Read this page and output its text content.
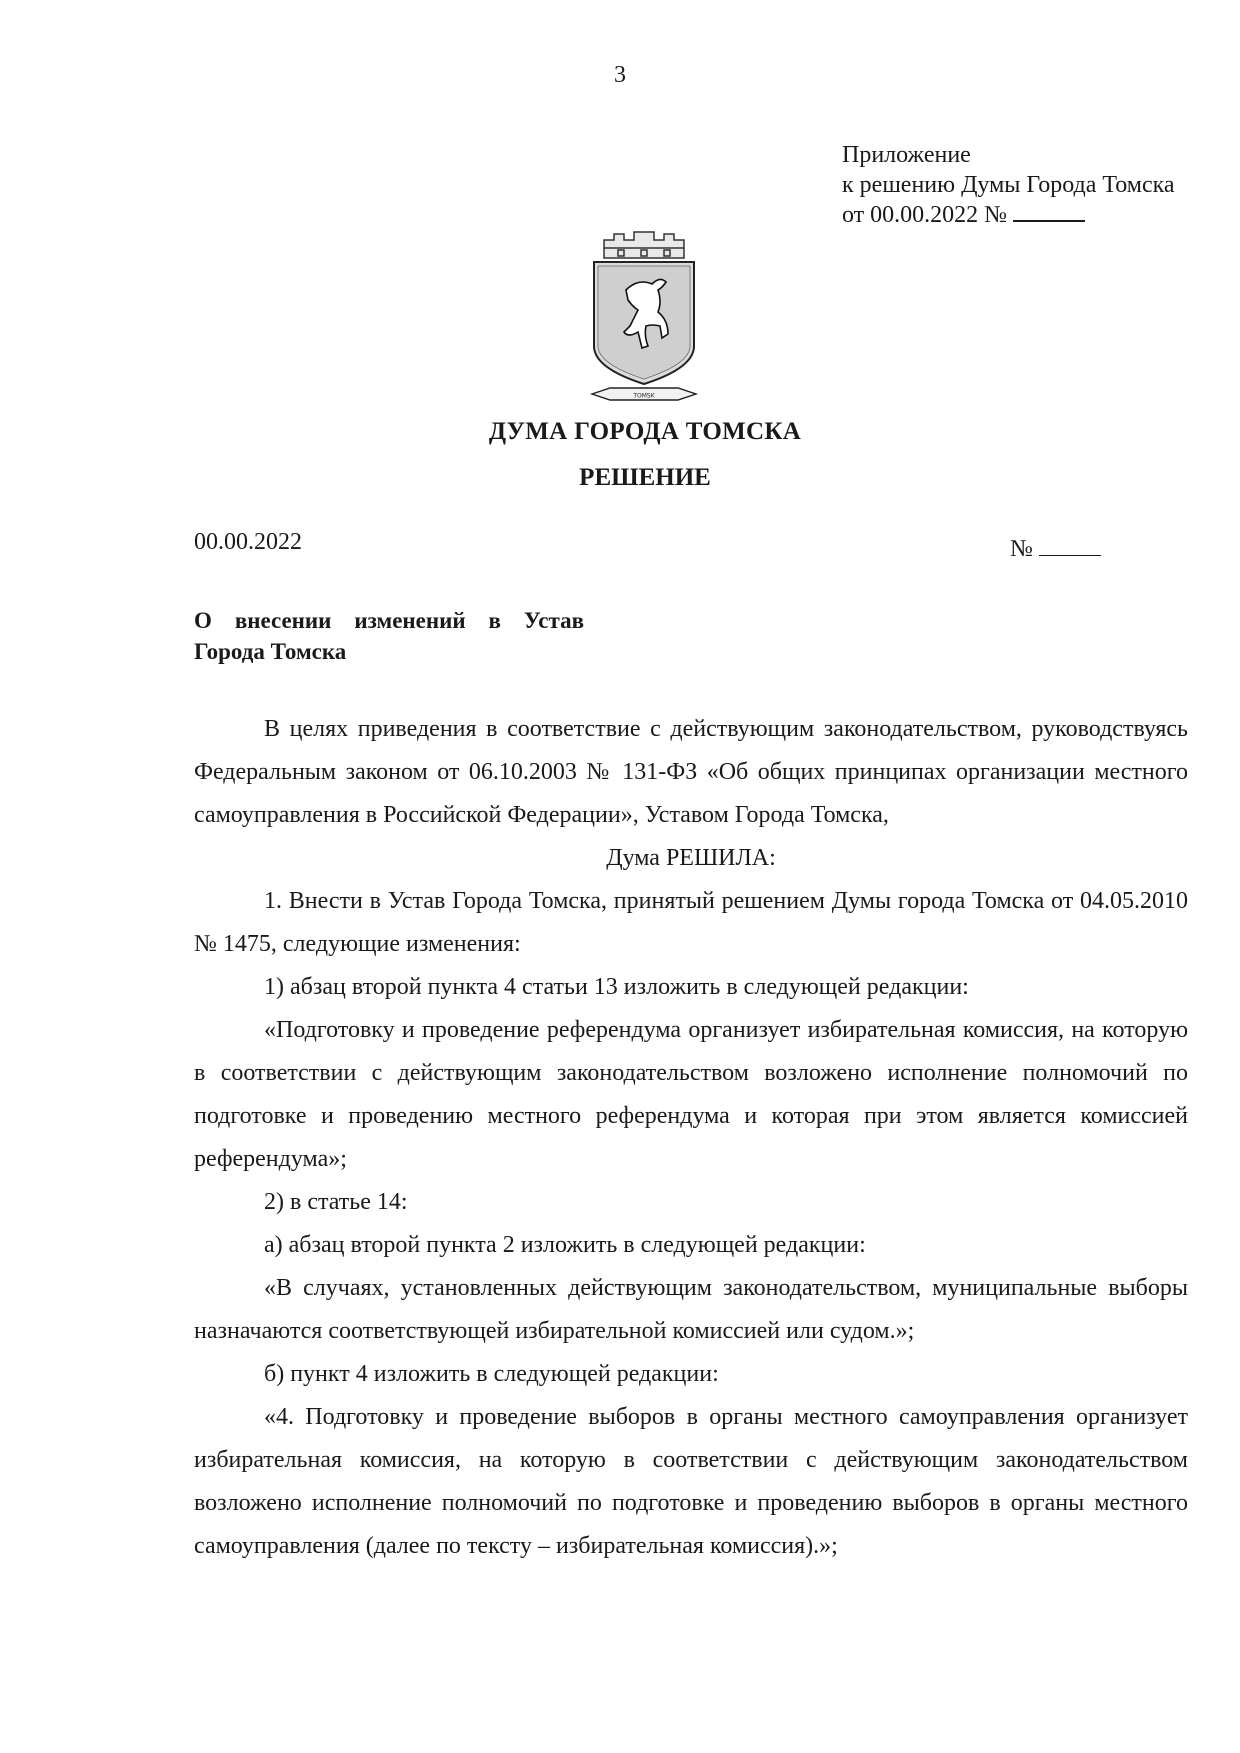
3
Приложение
к решению Думы Города Томска
от 00.00.2022 №
TOMSK
ДУМА ГОРОДА ТОМСКА
РЕШЕНИЕ
00.00.2022	№
О внесении изменений в Устав
Города Томска

В целях приведения в соответствие с действующим законодательством, руководствуясь Федеральным законом от 06.10.2003 № 131-ФЗ «Об общих принципах организации местного самоуправления в Российской Федерации», Уставом Города Томска,

Дума РЕШИЛА:

1. Внести в Устав Города Томска, принятый решением Думы города Томска от 04.05.2010 № 1475, следующие изменения:

1) абзац второй пункта 4 статьи 13 изложить в следующей редакции:

«Подготовку и проведение референдума организует избирательная комиссия, на которую в соответствии с действующим законодательством возложено исполнение полномочий по подготовке и проведению местного референдума и которая при этом является комиссией референдума»;

2) в статье 14:

а) абзац второй пункта 2 изложить в следующей редакции:

«В случаях, установленных действующим законодательством, муниципальные выборы назначаются соответствующей избирательной комиссией или судом.»;

б) пункт 4 изложить в следующей редакции:

«4. Подготовку и проведение выборов в органы местного самоуправления организует избирательная комиссия, на которую в соответствии с действующим законодательством возложено исполнение полномочий по подготовке и проведению выборов в органы местного самоуправления (далее по тексту – избирательная комиссия).»;
